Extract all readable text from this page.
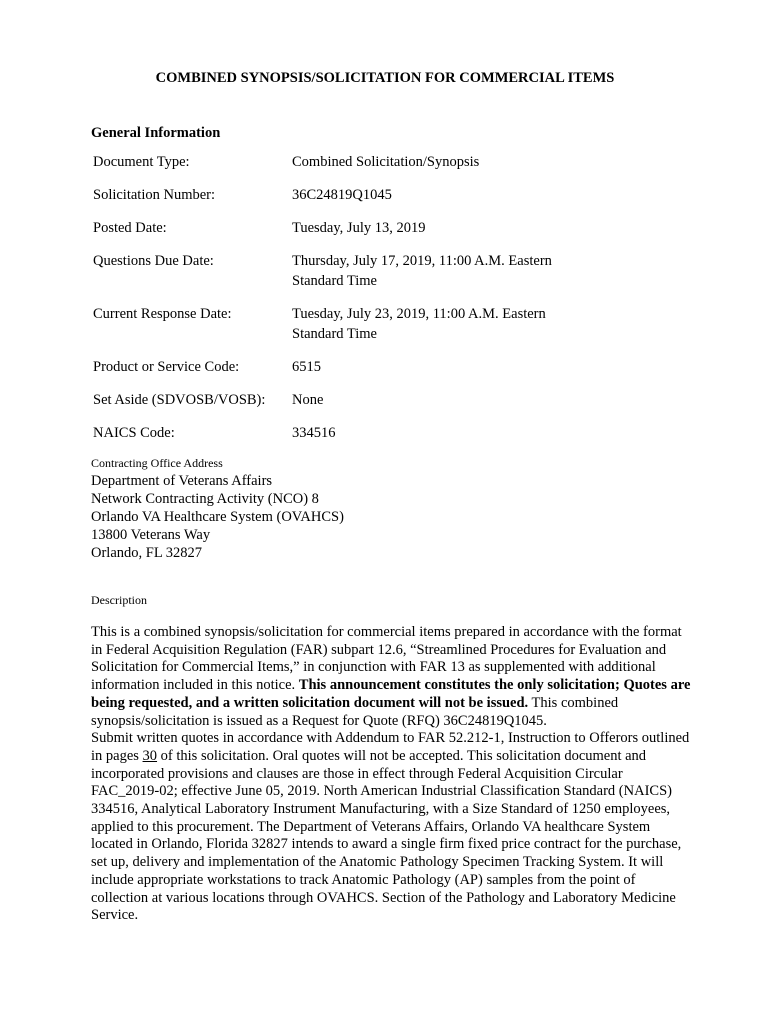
COMBINED SYNOPSIS/SOLICITATION FOR COMMERCIAL ITEMS
General Information
Document Type:	Combined Solicitation/Synopsis
Solicitation Number:	36C24819Q1045
Posted Date:	Tuesday, July 13, 2019
Questions Due Date:	Thursday, July 17, 2019, 11:00 A.M. Eastern Standard Time
Current Response Date:	Tuesday, July 23, 2019, 11:00 A.M. Eastern Standard Time
Product or Service Code:	6515
Set Aside (SDVOSB/VOSB):	None
NAICS Code:	334516
Contracting Office Address
Department of Veterans Affairs
Network Contracting Activity (NCO) 8
Orlando VA Healthcare System (OVAHCS)
13800 Veterans Way
Orlando, FL 32827
Description
This is a combined synopsis/solicitation for commercial items prepared in accordance with the format in Federal Acquisition Regulation (FAR) subpart 12.6, “Streamlined Procedures for Evaluation and Solicitation for Commercial Items,” in conjunction with FAR 13 as supplemented with additional information included in this notice. This announcement constitutes the only solicitation; Quotes are being requested, and a written solicitation document will not be issued. This combined synopsis/solicitation is issued as a Request for Quote (RFQ) 36C24819Q1045.
Submit written quotes in accordance with Addendum to FAR 52.212-1, Instruction to Offerors outlined in pages 30 of this solicitation. Oral quotes will not be accepted. This solicitation document and incorporated provisions and clauses are those in effect through Federal Acquisition Circular FAC_2019-02; effective June 05, 2019. North American Industrial Classification Standard (NAICS) 334516, Analytical Laboratory Instrument Manufacturing, with a Size Standard of 1250 employees, applied to this procurement. The Department of Veterans Affairs, Orlando VA healthcare System located in Orlando, Florida 32827 intends to award a single firm fixed price contract for the purchase, set up, delivery and implementation of the Anatomic Pathology Specimen Tracking System. It will include appropriate workstations to track Anatomic Pathology (AP) samples from the point of collection at various locations through OVAHCS. Section of the Pathology and Laboratory Medicine Service.
